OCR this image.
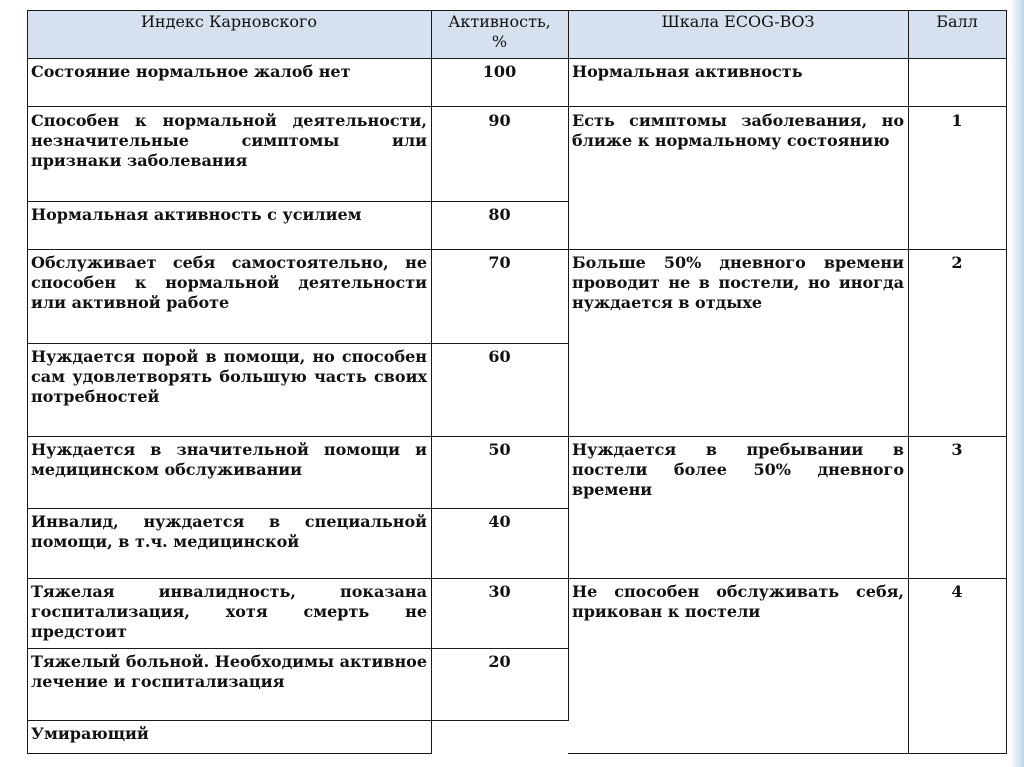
Индекс Карновского	Активность,
%
Шкала ECOG-ВОЗ	Балл
Состояние нормальное жалоб нет
Способен к нормальной деятельности, незначительные симптомы или признаки заболевания
Нормальная активность с усилием
Обслуживает себя самостоятельно, не способен к нормальной деятельности или активной работе
Нуждается порой в помощи, но способен сам удовлетворять большую часть своих потребностей
Нуждается в значительной помощи и медицинском обслуживании
Инвалид, нуждается в специальной помощи, в т.ч. медицинской
Тяжелая инвалидность, показана госпитализация, хотя смерть не предстоит
Тяжелый больной. Необходимы активное лечение и госпитализация
Умирающий
100
90
80
70
60
50
40
30
20
Нормальная активность
Есть симптомы заболевания, но ближе к нормальному состоянию
Больше 50% дневного времени проводит не в постели, но иногда нуждается в отдыхе
Нуждается в пребывании в постели более 50% дневного времени
Не способен обслуживать себя, прикован к постели
1
2
3
4
